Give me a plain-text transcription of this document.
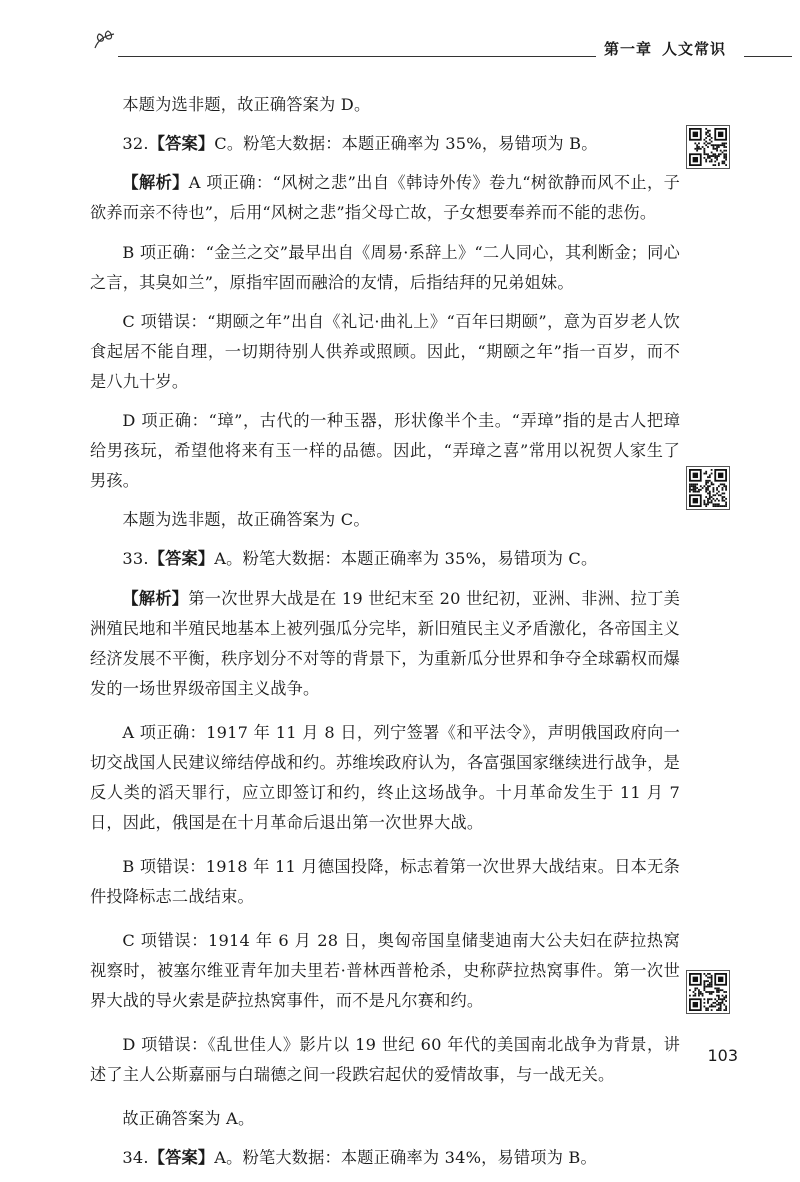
第一章 人文常识

本题为选非题，故正确答案为 D。

32.【答案】C。粉笔大数据：本题正确率为 35%，易错项为 B。

【解析】A 项正确：“风树之悲”出自《韩诗外传》卷九“树欲静而风不止，子欲养而亲不待也”，后用“风树之悲”指父母亡故，子女想要奉养而不能的悲伤。

B 项正确：“金兰之交”最早出自《周易·系辞上》“二人同心，其利断金；同心之言，其臭如兰”，原指牢固而融洽的友情，后指结拜的兄弟姐妹。

C 项错误：“期颐之年”出自《礼记·曲礼上》“百年曰期颐”，意为百岁老人饮食起居不能自理，一切期待别人供养或照顾。因此，“期颐之年”指一百岁，而不是八九十岁。

D 项正确：“璋”，古代的一种玉器，形状像半个圭。“弄璋”指的是古人把璋给男孩玩，希望他将来有玉一样的品德。因此，“弄璋之喜”常用以祝贺人家生了男孩。

本题为选非题，故正确答案为 C。

33.【答案】A。粉笔大数据：本题正确率为 35%，易错项为 C。

【解析】第一次世界大战是在 19 世纪末至 20 世纪初，亚洲、非洲、拉丁美洲殖民地和半殖民地基本上被列强瓜分完毕，新旧殖民主义矛盾激化，各帝国主义经济发展不平衡，秩序划分不对等的背景下，为重新瓜分世界和争夺全球霸权而爆发的一场世界级帝国主义战争。

A 项正确：1917 年 11 月 8 日，列宁签署《和平法令》，声明俄国政府向一切交战国人民建议缔结停战和约。苏维埃政府认为，各富强国家继续进行战争，是反人类的滔天罪行，应立即签订和约，终止这场战争。十月革命发生于 11 月 7 日，因此，俄国是在十月革命后退出第一次世界大战。

B 项错误：1918 年 11 月德国投降，标志着第一次世界大战结束。日本无条件投降标志二战结束。

C 项错误：1914 年 6 月 28 日，奥匈帝国皇储斐迪南大公夫妇在萨拉热窝视察时，被塞尔维亚青年加夫里若·普林西普枪杀，史称萨拉热窝事件。第一次世界大战的导火索是萨拉热窝事件，而不是凡尔赛和约。

D 项错误：《乱世佳人》影片以 19 世纪 60 年代的美国南北战争为背景，讲述了主人公斯嘉丽与白瑞德之间一段跌宕起伏的爱情故事，与一战无关。

故正确答案为 A。

34.【答案】A。粉笔大数据：本题正确率为 34%，易错项为 B。

103
